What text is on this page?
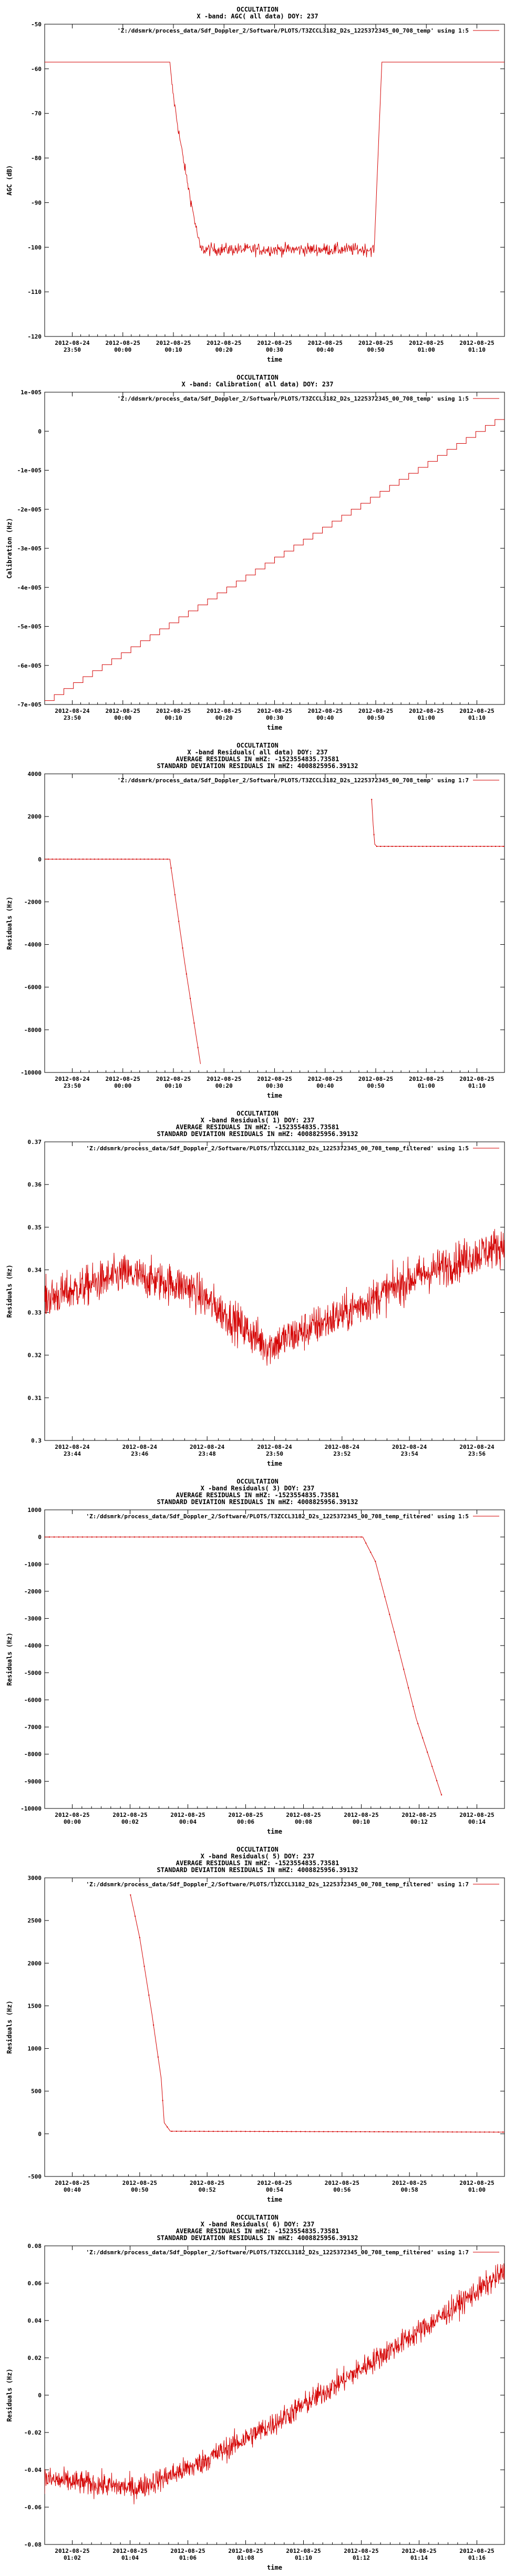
OCCULTATION
X -band: AGC( all data) DOY: 237
-50
-60
-70
-80
-90
-100
-110
-120
2012-08-24 23:50
2012-08-25 00:00
2012-08-25 00:10
2012-08-25 00:20
2012-08-25 00:30
2012-08-25 00:40
2012-08-25 00:50
2012-08-25 01:00
2012-08-25 01:10
time
AGC (dB)
'Z:/ddsmrk/process_data/Sdf_Doppler_2/Software/PLOTS/T3ZCCL3182_D2s_1225372345_00_708_temp' using 1:5
OCCULTATION
X -band: Calibration( all data) DOY: 237
1e-005
0
-1e-005
-2e-005
-3e-005
-4e-005
-5e-005
-6e-005
-7e-005
2012-08-24 23:50
2012-08-25 00:00
2012-08-25 00:10
2012-08-25 00:20
2012-08-25 00:30
2012-08-25 00:40
2012-08-25 00:50
2012-08-25 01:00
2012-08-25 01:10
time
Calibration (Hz)
'Z:/ddsmrk/process_data/Sdf_Doppler_2/Software/PLOTS/T3ZCCL3182_D2s_1225372345_00_708_temp' using 1:5
OCCULTATION
X -band Residuals( all data) DOY: 237
AVERAGE RESIDUALS IN mHZ: -1523554835.73581
STANDARD DEVIATION RESIDUALS IN mHZ: 4008825956.39132
4000
2000
0
-2000
-4000
-6000
-8000
-10000
2012-08-24 23:50
2012-08-25 00:00
2012-08-25 00:10
2012-08-25 00:20
2012-08-25 00:30
2012-08-25 00:40
2012-08-25 00:50
2012-08-25 01:00
2012-08-25 01:10
time
Residuals (Hz)
'Z:/ddsmrk/process_data/Sdf_Doppler_2/Software/PLOTS/T3ZCCL3182_D2s_1225372345_00_708_temp' using 1:7
OCCULTATION
X -band Residuals( 1) DOY: 237
AVERAGE RESIDUALS IN mHZ: -1523554835.73581
STANDARD DEVIATION RESIDUALS IN mHZ: 4008825956.39132
0.37
0.36
0.35
0.34
0.33
0.32
0.31
0.3
2012-08-24 23:44
2012-08-24 23:46
2012-08-24 23:48
2012-08-24 23:50
2012-08-24 23:52
2012-08-24 23:54
2012-08-24 23:56
time
Residuals (Hz)
'Z:/ddsmrk/process_data/Sdf_Doppler_2/Software/PLOTS/T3ZCCL3182_D2s_1225372345_00_708_temp_filtered' using 1:5
OCCULTATION
X -band Residuals( 3) DOY: 237
AVERAGE RESIDUALS IN mHZ: -1523554835.73581
STANDARD DEVIATION RESIDUALS IN mHZ: 4008825956.39132
1000
0
-1000
-2000
-3000
-4000
-5000
-6000
-7000
-8000
-9000
-10000
2012-08-25 00:00
2012-08-25 00:02
2012-08-25 00:04
2012-08-25 00:06
2012-08-25 00:08
2012-08-25 00:10
2012-08-25 00:12
2012-08-25 00:14
time
Residuals (Hz)
'Z:/ddsmrk/process_data/Sdf_Doppler_2/Software/PLOTS/T3ZCCL3182_D2s_1225372345_00_708_temp_filtered' using 1:5
OCCULTATION
X -band Residuals( 5) DOY: 237
AVERAGE RESIDUALS IN mHZ: -1523554835.73581
STANDARD DEVIATION RESIDUALS IN mHZ: 4008825956.39132
3000
2500
2000
1500
1000
500
0
-500
2012-08-25 00:40
2012-08-25 00:50
2012-08-25 00:52
2012-08-25 00:54
2012-08-25 00:56
2012-08-25 00:58
2012-08-25 01:00
time
Residuals (Hz)
'Z:/ddsmrk/process_data/Sdf_Doppler_2/Software/PLOTS/T3ZCCL3182_D2s_1225372345_00_708_temp_filtered' using 1:7
OCCULTATION
X -band Residuals( 6) DOY: 237
AVERAGE RESIDUALS IN mHZ: -1523554835.73581
STANDARD DEVIATION RESIDUALS IN mHZ: 4008825956.39132
0.08
0.06
0.04
0.02
0
-0.02
-0.04
-0.06
-0.08
2012-08-25 01:02
2012-08-25 01:04
2012-08-25 01:06
2012-08-25 01:08
2012-08-25 01:10
2012-08-25 01:12
2012-08-25 01:14
2012-08-25 01:16
time
Residuals (Hz)
'Z:/ddsmrk/process_data/Sdf_Doppler_2/Software/PLOTS/T3ZCCL3182_D2s_1225372345_00_708_temp_filtered' using 1:7
